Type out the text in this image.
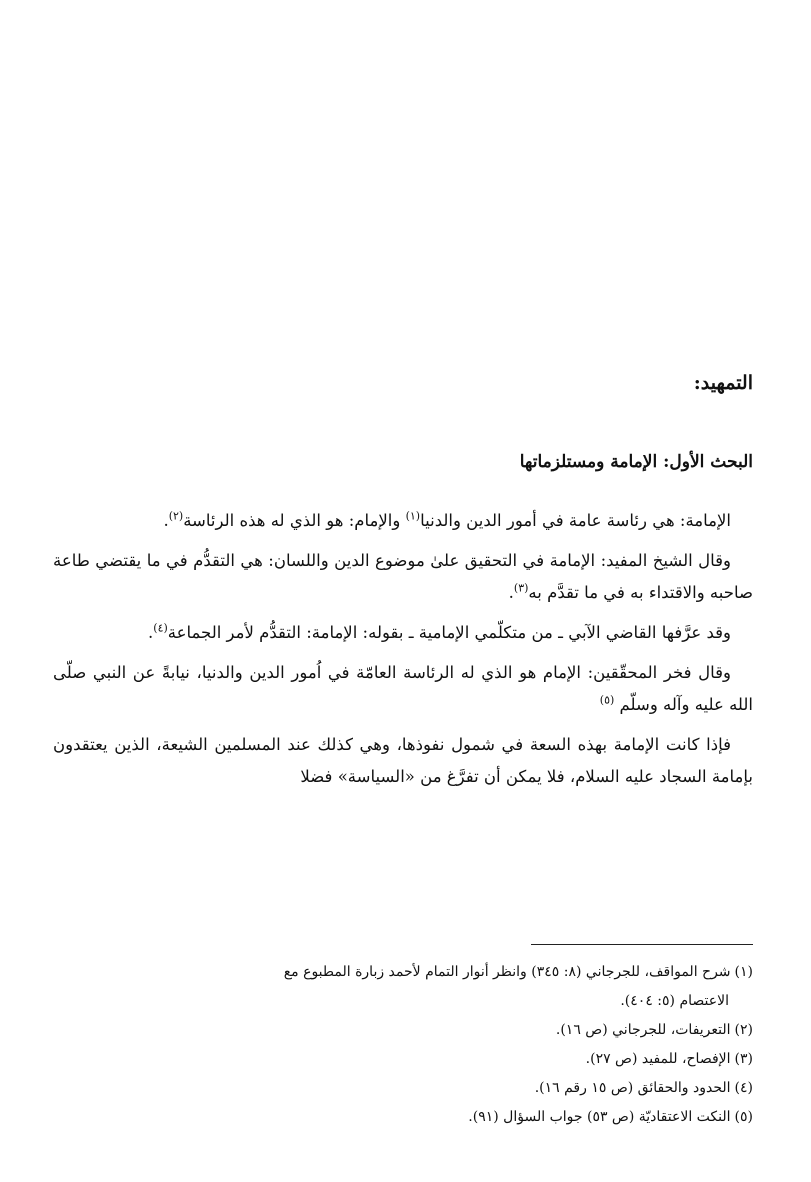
التمهيد:
البحث الأول: الإمامة ومستلزماتها

الإمامة: هي رئاسة عامة في أمور الدين والدنيا$^{(١)}$ والإمام: هو الذي له هذه الرئاسة$^{(٢)}$.

وقال الشيخ المفيد: الإمامة في التحقيق علىٰ موضوع الدين واللسان: هي التقدُّم في ما يقتضي طاعة صاحبه والاقتداء به في ما تقدَّم به$^{(٣)}$.

وقد عرَّفها القاضي الآبي ـ من متكلّمي الإمامية ـ بقوله: الإمامة: التقدُّم لأمر الجماعة$^{(٤)}$.

وقال فخر المحقّقين: الإمام هو الذي له الرئاسة العامّة في اُمور الدين والدنيا، نيابةً عن النبي صلّى الله عليه وآله وسلّم $^{(٥)}$

فإذا كانت الإمامة بهذه السعة في شمول نفوذها، وهي كذلك عند المسلمين الشيعة، الذين يعتقدون بإمامة السجاد عليه السلام، فلا يمكن أن تفرَّغ من «السياسة» فضلا

(١)شرح المواقف، للجرجاني (٨: ٣٤٥) وانظر أنوار التمام لأحمد زبارة المطبوع مع

الاعتصام (٥: ٤٠٤).

(٢)التعريفات، للجرجاني (ص ١٦).

(٣)الإفصاح، للمفيد (ص ٢٧).

(٤)الحدود والحقائق (ص ١٥ رقم ١٦).

(٥)النكت الاعتقاديّة (ص ٥٣) جواب السؤال (٩١).
